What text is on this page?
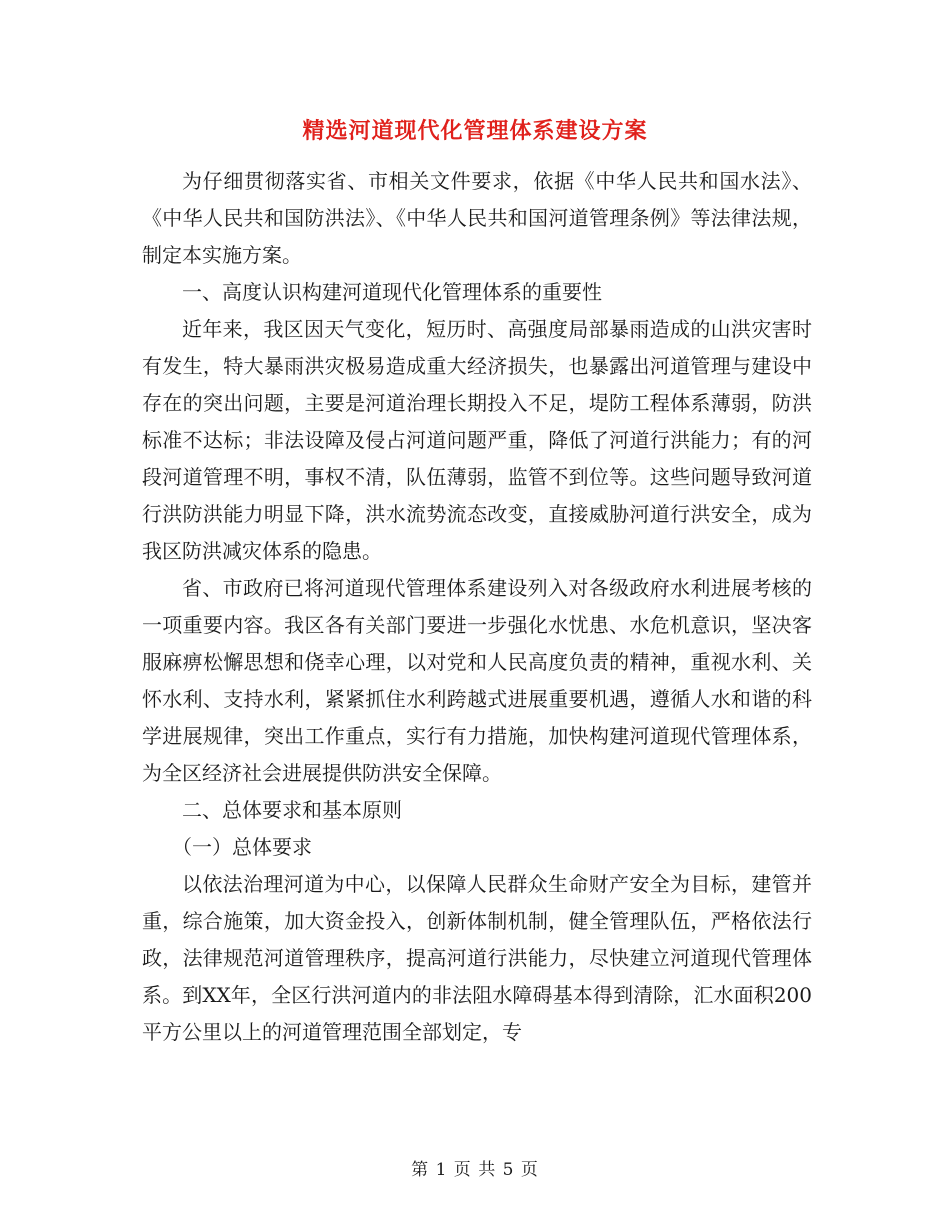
精选河道现代化管理体系建设方案

为仔细贯彻落实省、市相关文件要求，依据《中华人民共和国水法》、《中华人民共和国防洪法》、《中华人民共和国河道管理条例》等法律法规，制定本实施方案。

一、高度认识构建河道现代化管理体系的重要性

近年来，我区因天气变化，短历时、高强度局部暴雨造成的山洪灾害时有发生，特大暴雨洪灾极易造成重大经济损失，也暴露出河道管理与建设中存在的突出问题，主要是河道治理长期投入不足，堤防工程体系薄弱，防洪标准不达标；非法设障及侵占河道问题严重，降低了河道行洪能力；有的河段河道管理不明，事权不清，队伍薄弱，监管不到位等。这些问题导致河道行洪防洪能力明显下降，洪水流势流态改变，直接威胁河道行洪安全，成为我区防洪减灾体系的隐患。

省、市政府已将河道现代管理体系建设列入对各级政府水利进展考核的一项重要内容。我区各有关部门要进一步强化水忧患、水危机意识，坚决客服麻痹松懈思想和侥幸心理，以对党和人民高度负责的精神，重视水利、关怀水利、支持水利，紧紧抓住水利跨越式进展重要机遇，遵循人水和谐的科学进展规律，突出工作重点，实行有力措施，加快构建河道现代管理体系，为全区经济社会进展提供防洪安全保障。

二、总体要求和基本原则

（一）总体要求

以依法治理河道为中心，以保障人民群众生命财产安全为目标，建管并重，综合施策，加大资金投入，创新体制机制，健全管理队伍，严格依法行政，法律规范河道管理秩序，提高河道行洪能力，尽快建立河道现代管理体系。到XX年，全区行洪河道内的非法阻水障碍基本得到清除，汇水面积200平方公里以上的河道管理范围全部划定，专

第 1 页 共 5 页
